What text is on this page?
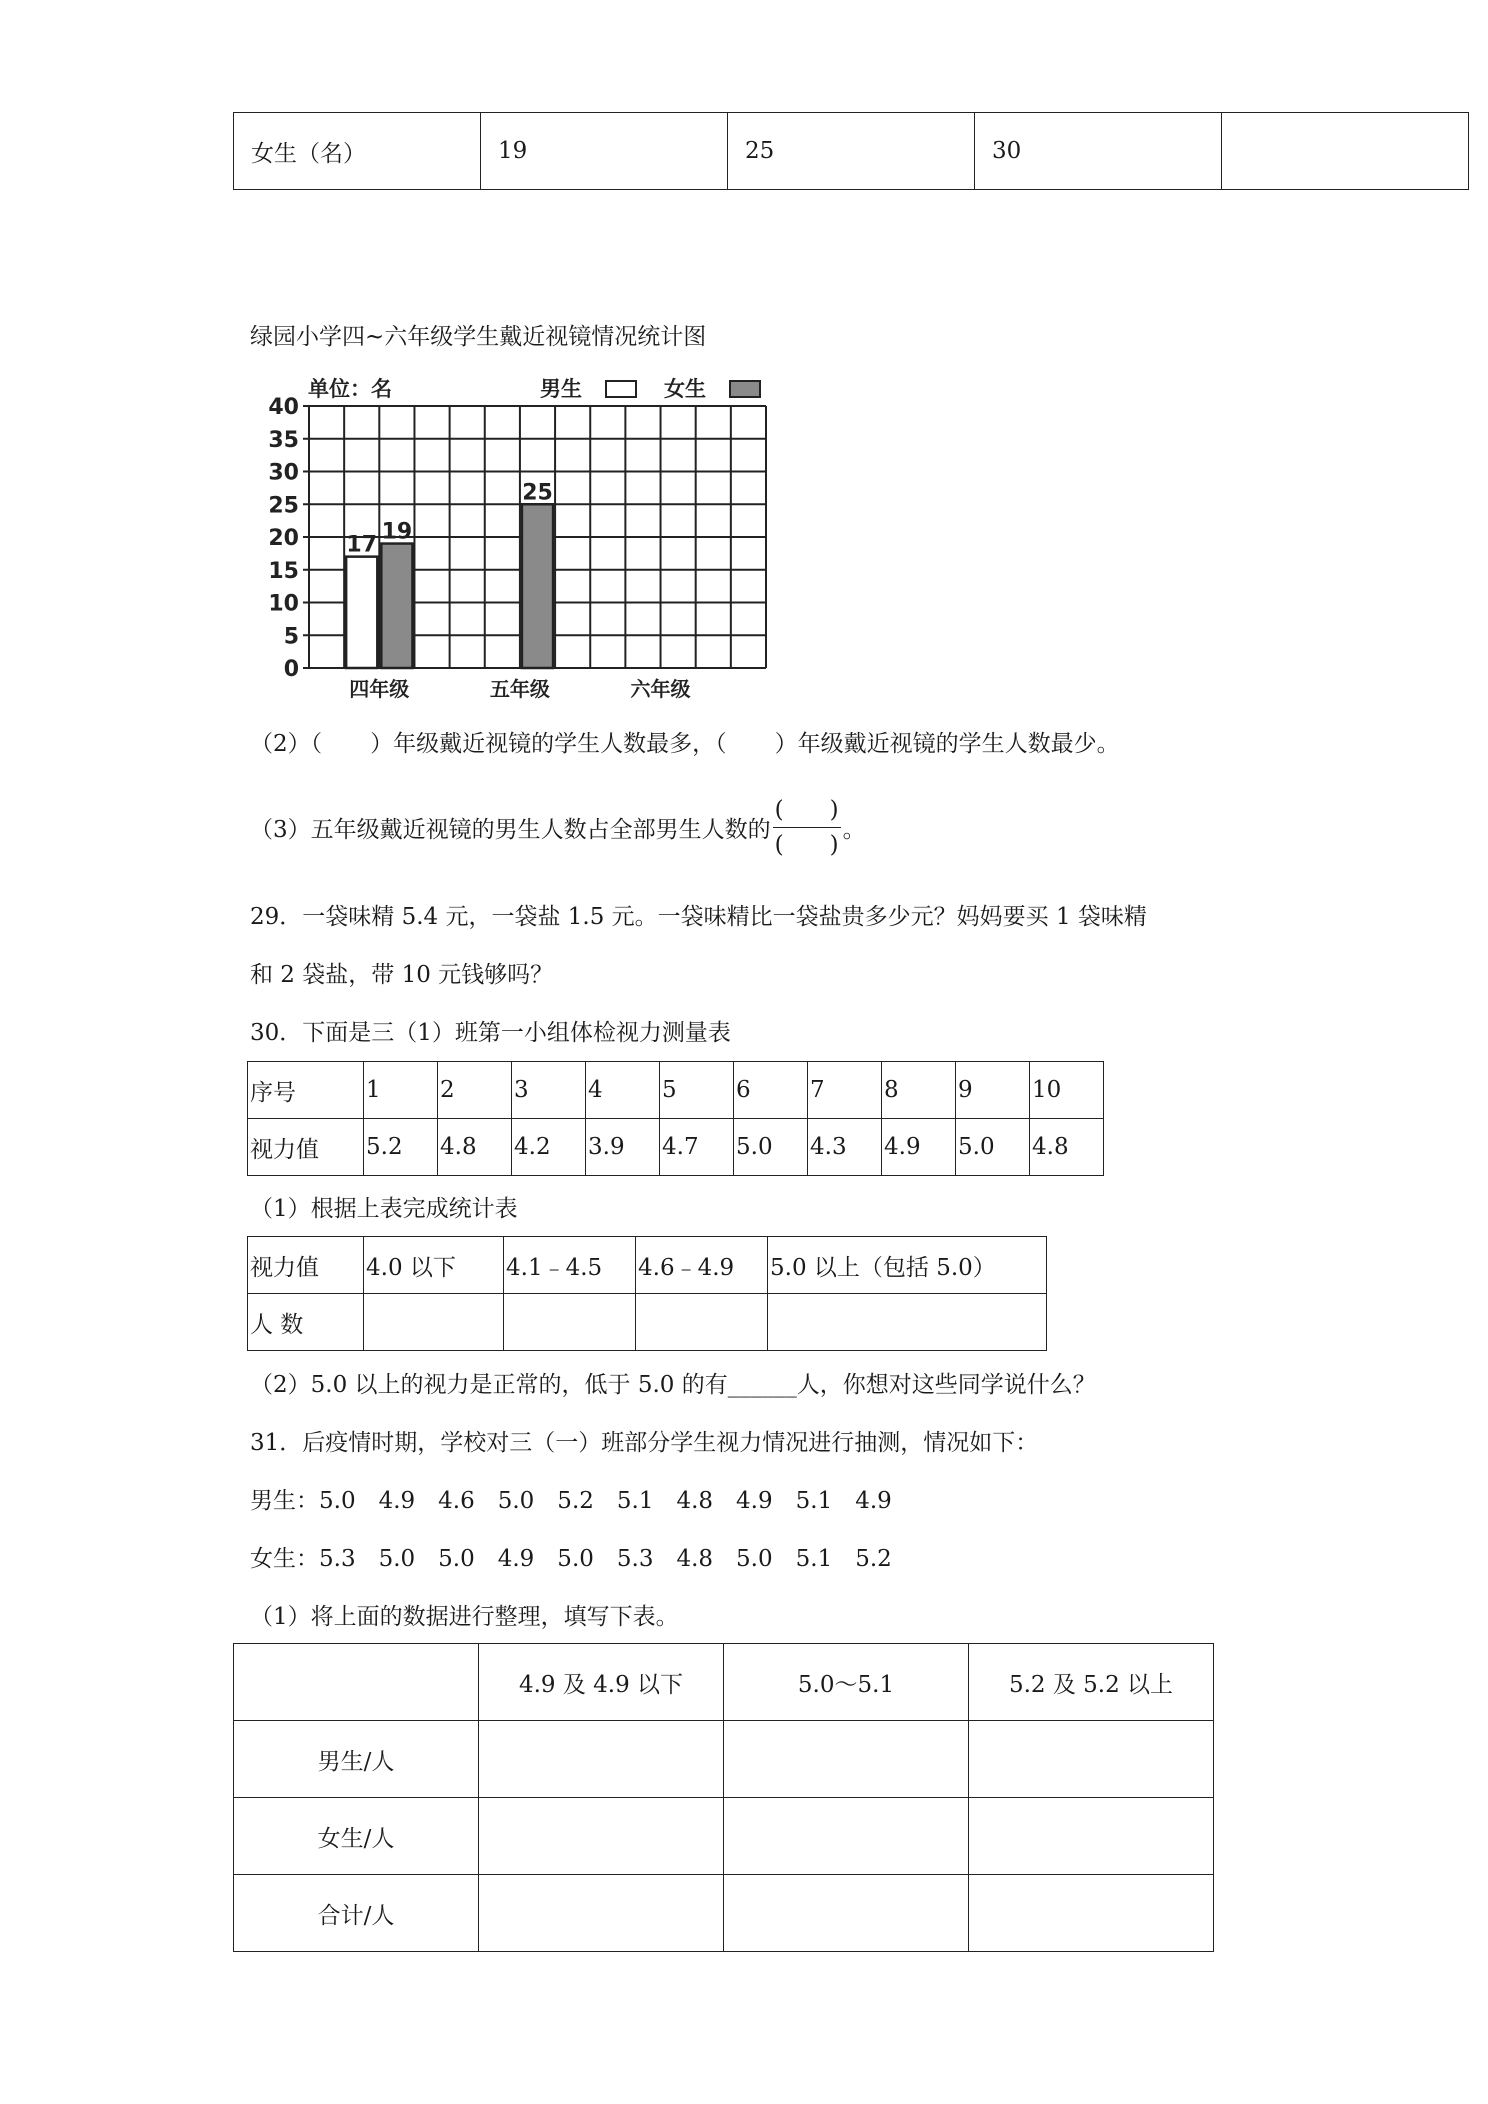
女生（名）	19	25	30	
绿园小学四~六年级学生戴近视镜情况统计图
0
5
10
15
20
25
30
35
40
单位：名	男生	女生
四年级	五年级	六年级
17
19
25
（2）（ ）年级戴近视镜的学生人数最多，（ ）年级戴近视镜的学生人数最少。
（3）五年级戴近视镜的男生人数占全部男生人数的 $\frac{( )}{( )}$ 。
29．一袋味精 5.4 元，一袋盐 1.5 元。一袋味精比一袋盐贵多少元？妈妈要买 1 袋味精
和 2 袋盐，带 10 元钱够吗？
30．下面是三（1）班第一小组体检视力测量表
序号	1	2	3	4	5	6	7	8	9	10
视力值	5.2	4.8	4.2	3.9	4.7	5.0	4.3	4.9	5.0	4.8
（1）根据上表完成统计表
视力值	4.0 以下	4.1﹣4.5	4.6﹣4.9	5.0 以上（包括 5.0）
人 数				
（2）5.0 以上的视力是正常的，低于 5.0 的有______人，你想对这些同学说什么？
31．后疫情时期，学校对三（一）班部分学生视力情况进行抽测，情况如下：
男生：5.0　4.9　4.6　5.0　5.2　5.1　4.8　4.9　5.1　4.9
女生：5.3　5.0　5.0　4.9　5.0　5.3　4.8　5.0　5.1　5.2
（1）将上面的数据进行整理，填写下表。
	4.9 及 4.9 以下	5.0～5.1	5.2 及 5.2 以上
男生/人			
女生/人			
合计/人			
